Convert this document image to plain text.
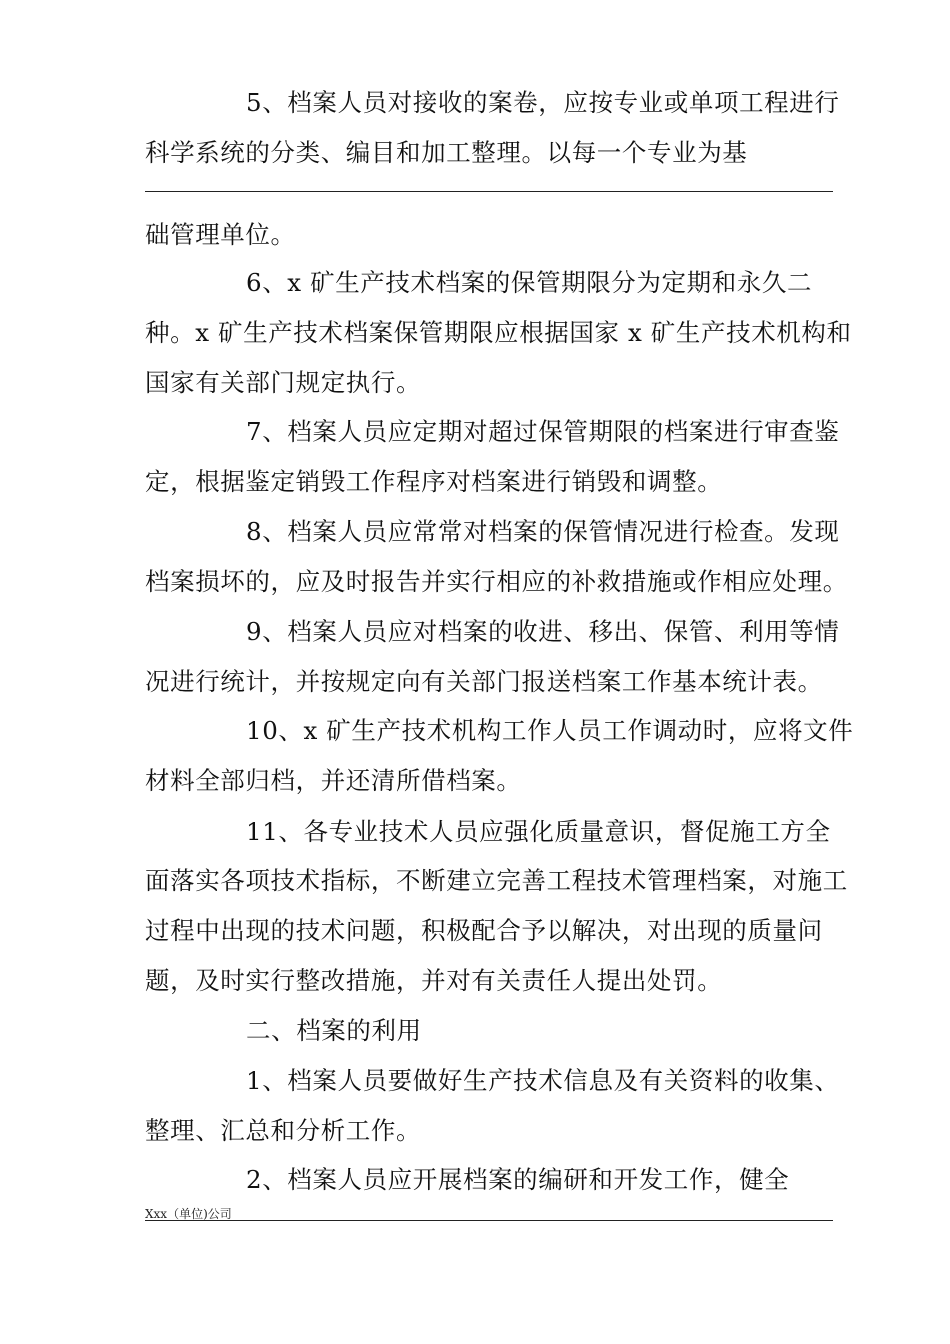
5、档案人员对接收的案卷，应按专业或单项工程进行
科学系统的分类、编目和加工整理。以每一个专业为基
础管理单位。
6、x 矿生产技术档案的保管期限分为定期和永久二
种。x 矿生产技术档案保管期限应根据国家 x 矿生产技术机构和
国家有关部门规定执行。
7、档案人员应定期对超过保管期限的档案进行审查鉴
定，根据鉴定销毁工作程序对档案进行销毁和调整。
8、档案人员应常常对档案的保管情况进行检查。发现
档案损坏的，应及时报告并实行相应的补救措施或作相应处理。
9、档案人员应对档案的收进、移出、保管、利用等情
况进行统计，并按规定向有关部门报送档案工作基本统计表。
10、x 矿生产技术机构工作人员工作调动时，应将文件
材料全部归档，并还清所借档案。
11、各专业技术人员应强化质量意识，督促施工方全
面落实各项技术指标，不断建立完善工程技术管理档案，对施工
过程中出现的技术问题，积极配合予以解决，对出现的质量问
题，及时实行整改措施，并对有关责任人提出处罚。
二、档案的利用
1、档案人员要做好生产技术信息及有关资料的收集、
整理、汇总和分析工作。
2、档案人员应开展档案的编研和开发工作，健全
Xxx（单位)公司
